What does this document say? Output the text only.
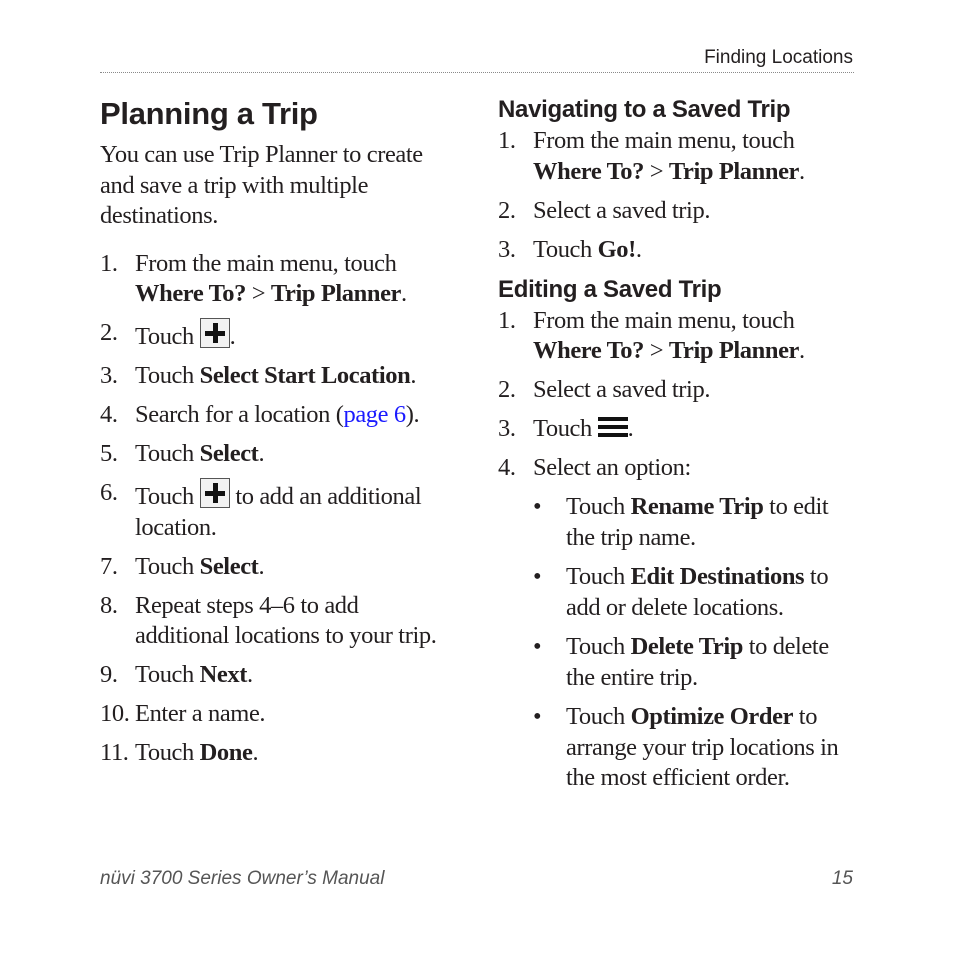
Finding Locations
Planning a Trip

You can use Trip Planner to create and save a trip with multiple destinations.

1. From the main menu, touch Where To? > Trip Planner.
2. Touch .
3. Touch Select Start Location.
4. Search for a location (page 6).
5. Touch Select.
6. Touch  to add an additional location.
7. Touch Select.
8. Repeat steps 4–6 to add additional locations to your trip.
9. Touch Next.
10. Enter a name.
11. Touch Done.
Navigating to a Saved Trip
1. From the main menu, touch Where To? > Trip Planner.
2. Select a saved trip.
3. Touch Go!.
Editing a Saved Trip
1. From the main menu, touch Where To? > Trip Planner.
2. Select a saved trip.
3. Touch
.
4. Select an option:
• Touch Rename Trip to edit the trip name.
• Touch Edit Destinations to add or delete locations.
• Touch Delete Trip to delete the entire trip.
• Touch Optimize Order to arrange your trip locations in the most efficient order.
nüvi 3700 Series Owner’s Manual	15
